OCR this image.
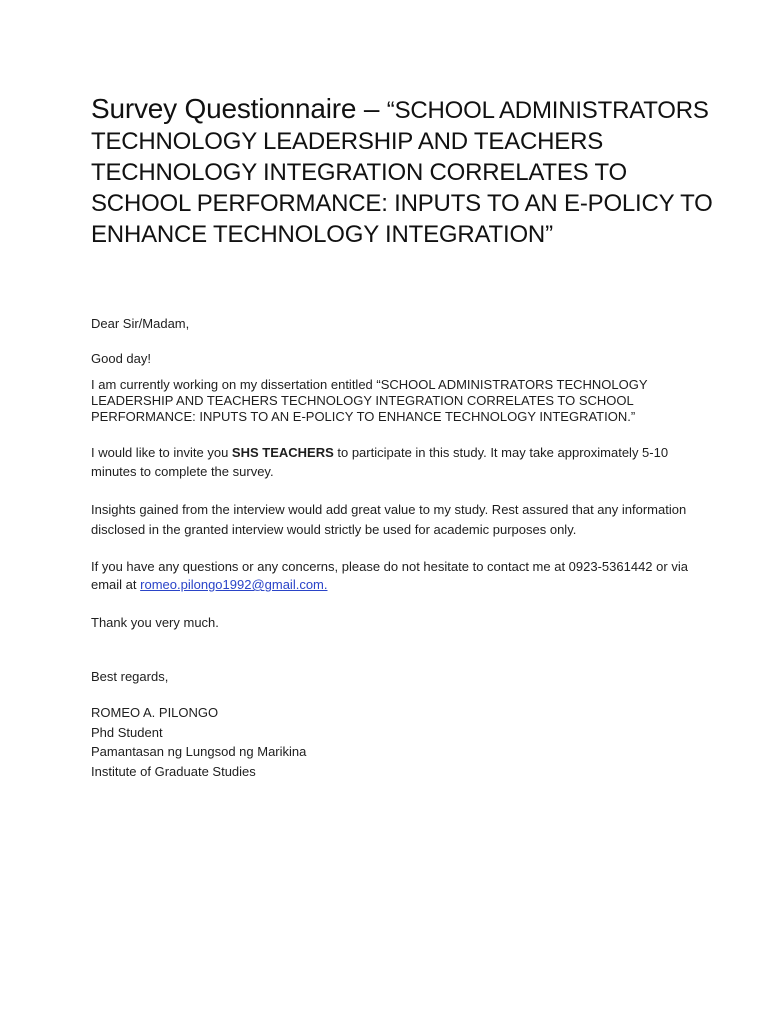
Survey Questionnaire – “SCHOOL ADMINISTRATORS TECHNOLOGY LEADERSHIP AND TEACHERS TECHNOLOGY INTEGRATION CORRELATES TO SCHOOL PERFORMANCE: INPUTS TO AN E-POLICY TO ENHANCE TECHNOLOGY INTEGRATION”

Dear Sir/Madam,

Good day!

I am currently working on my dissertation entitled “SCHOOL ADMINISTRATORS TECHNOLOGY LEADERSHIP AND TEACHERS TECHNOLOGY INTEGRATION CORRELATES TO SCHOOL PERFORMANCE: INPUTS TO AN E-POLICY TO ENHANCE TECHNOLOGY INTEGRATION.”

I would like to invite you SHS TEACHERS to participate in this study. It may take approximately 5-10 minutes to complete the survey.

Insights gained from the interview would add great value to my study. Rest assured that any information disclosed in the granted interview would strictly be used for academic purposes only.

If you have any questions or any concerns, please do not hesitate to contact me at 0923-5361442 or via email at romeo.pilongo1992@gmail.com.

Thank you very much.

Best regards,

ROMEO A. PILONGO
Phd Student
Pamantasan ng Lungsod ng Marikina
Institute of Graduate Studies
